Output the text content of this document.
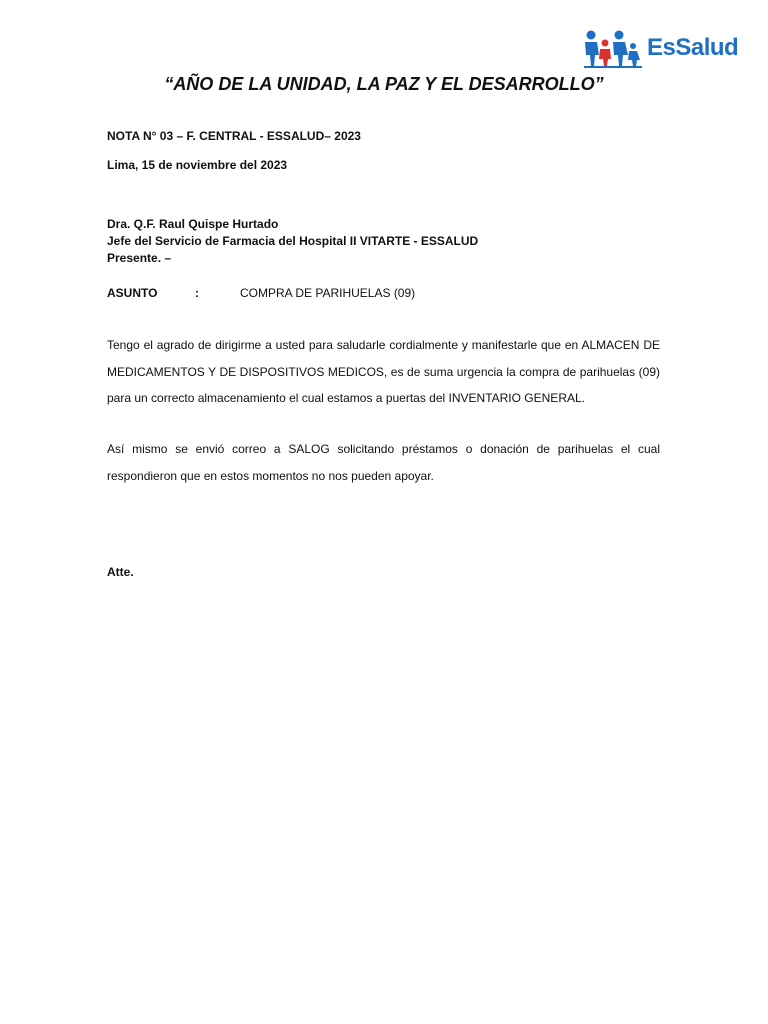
EsSalud
“AÑO DE LA UNIDAD, LA PAZ Y EL DESARROLLO”
NOTA N° 03 – F. CENTRAL - ESSALUD– 2023
Lima, 15 de noviembre del 2023
Dra. Q.F. Raul Quispe Hurtado
Jefe del Servicio de Farmacia del Hospital II VITARTE - ESSALUD
Presente. –
ASUNTO	:	COMPRA DE PARIHUELAS (09)

Tengo el agrado de dirigirme a usted para saludarle cordialmente y manifestarle que en ALMACEN DE MEDICAMENTOS Y DE DISPOSITIVOS MEDICOS, es de suma urgencia la compra de parihuelas (09) para un correcto almacenamiento el cual estamos a puertas del INVENTARIO GENERAL.

Así mismo se envió correo a SALOG solicitando préstamos o donación de parihuelas el cual respondieron que en estos momentos no nos pueden apoyar.

Atte.
